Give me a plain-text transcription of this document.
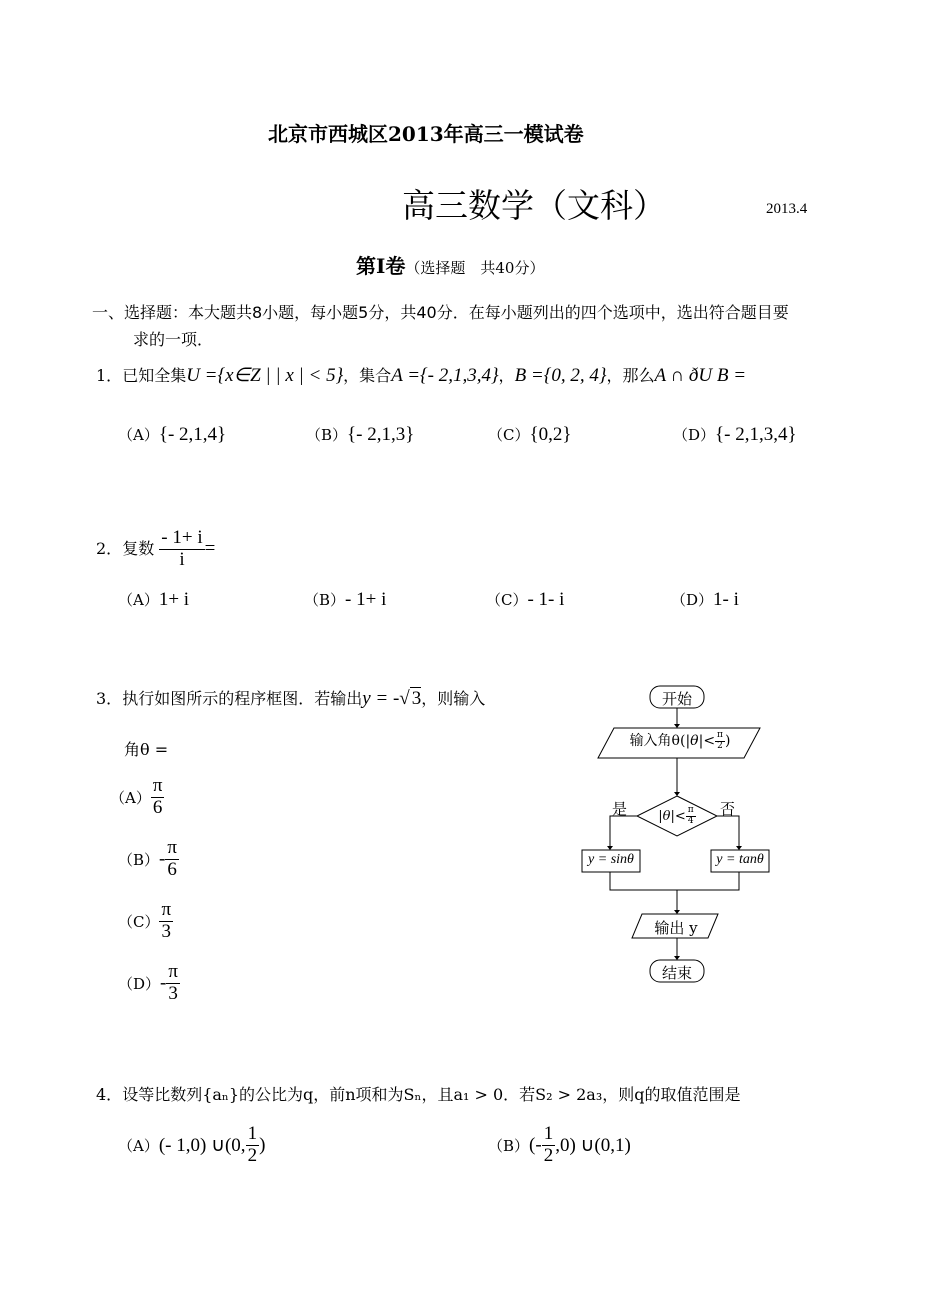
北京市西城区2013年高三一模试卷
高三数学（文科）	2013.4
第Ⅰ卷（选择题　共40分）
一、选择题：本大题共8小题，每小题5分，共40分．在每小题列出的四个选项中，选出符合题目要
求的一项．
1．已知全集U ={x∈Z | | x | < 5}，集合A ={- 2,1,3,4}，B ={0, 2, 4}，那么A ∩ ðU B =
（A）{- 2,1,4}	（B）{- 2,1,3}	（C）{0,2}	（D）{- 2,1,3,4}
2．复数 $\frac{- 1+ i}{i}$ =
（A）1+ i	（B）- 1+ i	（C）- 1- i	（D）1- i
3．执行如图所示的程序框图．若输出y = -√ 3，则输入
角θ =
$(A) \frac{\pi}{6}$
$(B)- \frac{\pi}{6}$
$(C) \frac{\pi}{3}$
$(D)- \frac{\pi}{3}$
开始
输入角$\theta(|\theta|< \frac{\pi}{2}$ )
$|\theta|< \frac{\pi}{4}$
是	否
y = sinθ	y = tanθ
输出 y
结束
4．设等比数列{aₙ}的公比为q，前n项和为Sₙ，且a₁ > 0．若S₂ > 2a₃，则q的取值范围是
（A）(- 1,0) ∪(0, $\frac{1}{2}$ )	$(B)(- \frac{1}{2} ,0)$ ∪(0,1)
